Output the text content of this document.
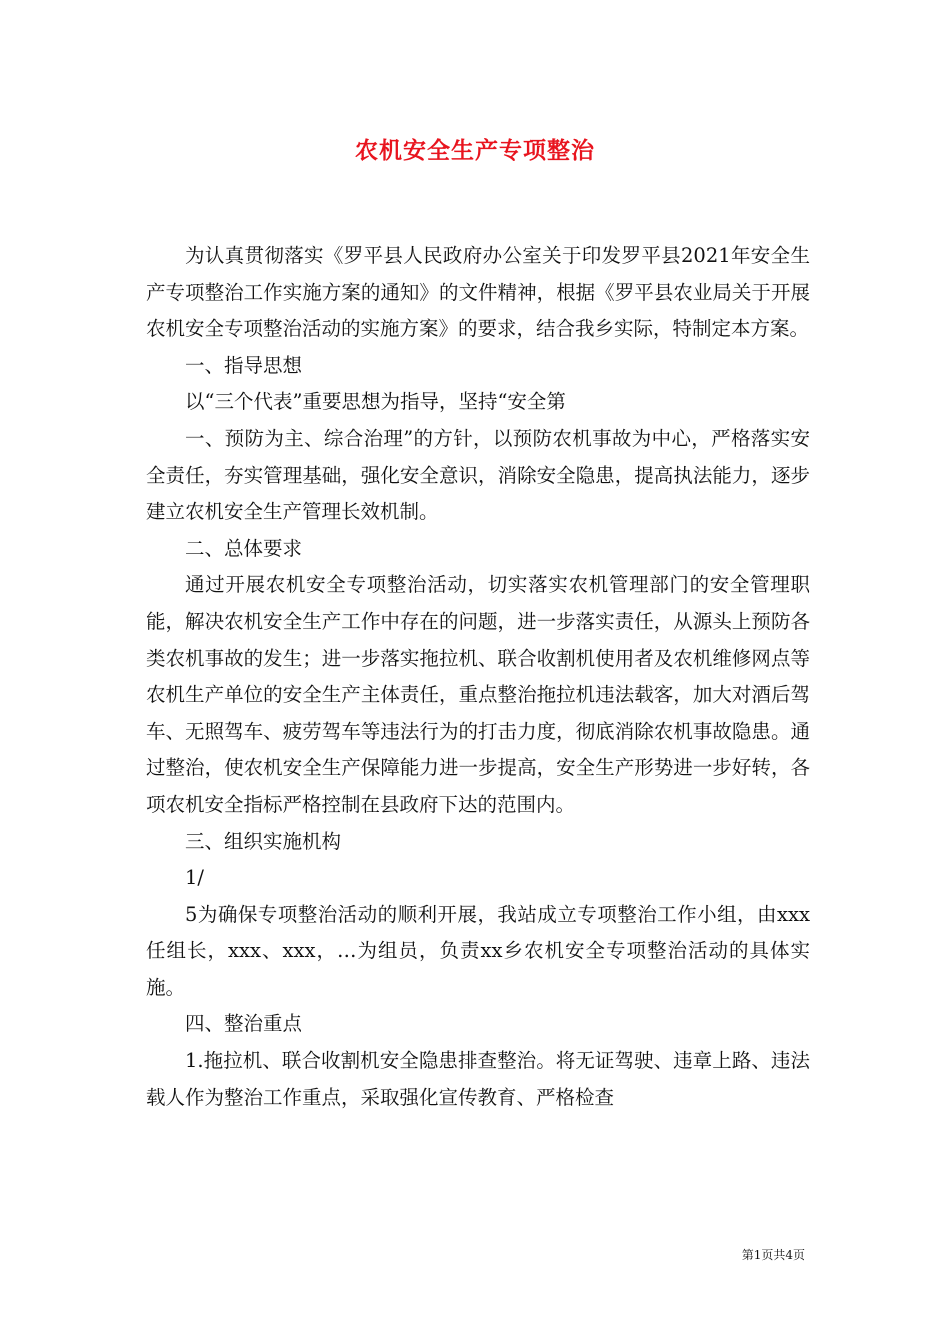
农机安全生产专项整治

为认真贯彻落实《罗平县人民政府办公室关于印发罗平县2021年安全生产专项整治工作实施方案的通知》的文件精神，根据《罗平县农业局关于开展农机安全专项整治活动的实施方案》的要求，结合我乡实际，特制定本方案。

一、指导思想

以“三个代表”重要思想为指导，坚持“安全第

一、预防为主、综合治理”的方针，以预防农机事故为中心，严格落实安全责任，夯实管理基础，强化安全意识，消除安全隐患，提高执法能力，逐步建立农机安全生产管理长效机制。

二、总体要求

通过开展农机安全专项整治活动，切实落实农机管理部门的安全管理职能，解决农机安全生产工作中存在的问题，进一步落实责任，从源头上预防各类农机事故的发生；进一步落实拖拉机、联合收割机使用者及农机维修网点等农机生产单位的安全生产主体责任，重点整治拖拉机违法载客，加大对酒后驾车、无照驾车、疲劳驾车等违法行为的打击力度，彻底消除农机事故隐患。通过整治，使农机安全生产保障能力进一步提高，安全生产形势进一步好转，各项农机安全指标严格控制在县政府下达的范围内。

三、组织实施机构

1/

5为确保专项整治活动的顺利开展，我站成立专项整治工作小组，由xxx任组长，xxx、xxx，…为组员，负责xx乡农机安全专项整治活动的具体实施。

四、整治重点

1.拖拉机、联合收割机安全隐患排查整治。将无证驾驶、违章上路、违法载人作为整治工作重点，采取强化宣传教育、严格检查

第1页共4页
